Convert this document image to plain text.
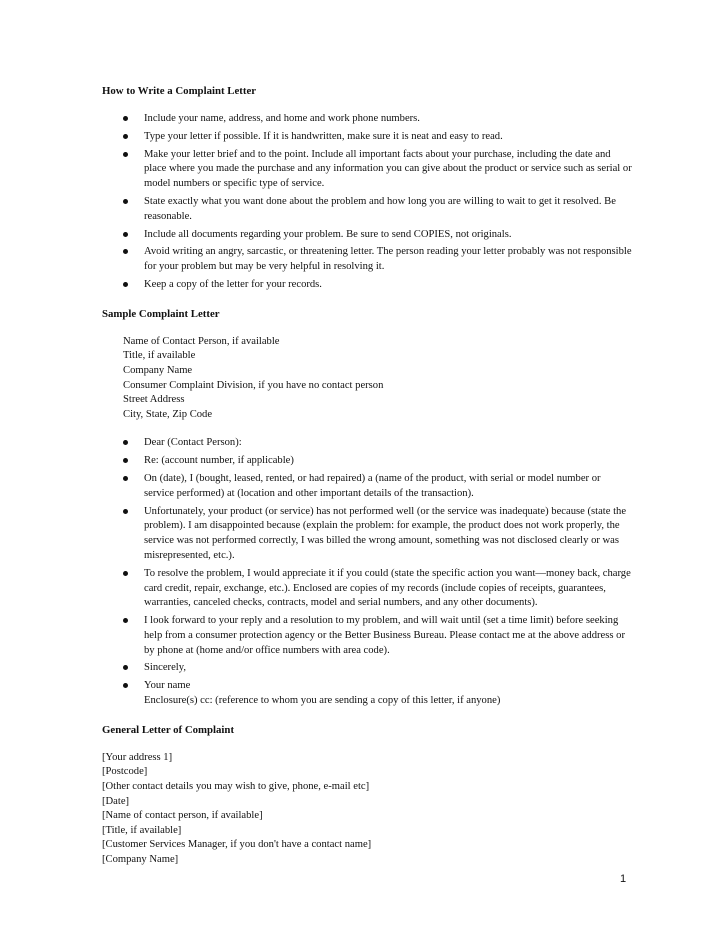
How to Write a Complaint Letter

Include your name, address, and home and work phone numbers.
Type your letter if possible. If it is handwritten, make sure it is neat and easy to read.
Make your letter brief and to the point. Include all important facts about your purchase, including the date and place where you made the purchase and any information you can give about the product or service such as serial or model numbers or specific type of service.
State exactly what you want done about the problem and how long you are willing to wait to get it resolved. Be reasonable.
Include all documents regarding your problem. Be sure to send COPIES, not originals.
Avoid writing an angry, sarcastic, or threatening letter. The person reading your letter probably was not responsible for your problem but may be very helpful in resolving it.
Keep a copy of the letter for your records.

Sample Complaint Letter

Name of Contact Person, if available
Title, if available
Company Name
Consumer Complaint Division, if you have no contact person
Street Address
City, State, Zip Code
Dear (Contact Person):
Re: (account number, if applicable)
On (date), I (bought, leased, rented, or had repaired) a (name of the product, with serial or model number or service performed) at (location and other important details of the transaction).
Unfortunately, your product (or service) has not performed well (or the service was inadequate) because (state the problem). I am disappointed because (explain the problem: for example, the product does not work properly, the service was not performed correctly, I was billed the wrong amount, something was not disclosed clearly or was misrepresented, etc.).
To resolve the problem, I would appreciate it if you could (state the specific action you want—money back, charge card credit, repair, exchange, etc.). Enclosed are copies of my records (include copies of receipts, guarantees, warranties, canceled checks, contracts, model and serial numbers, and any other documents).
I look forward to your reply and a resolution to my problem, and will wait until (set a time limit) before seeking help from a consumer protection agency or the Better Business Bureau. Please contact me at the above address or by phone at (home and/or office numbers with area code).
Sincerely,
Your name
Enclosure(s) cc: (reference to whom you are sending a copy of this letter, if anyone)

General Letter of Complaint

[Your address 1]
[Postcode]
[Other contact details you may wish to give, phone, e-mail etc]
[Date]
[Name of contact person, if available]
[Title, if available]
[Customer Services Manager, if you don't have a contact name]
[Company Name]
1
